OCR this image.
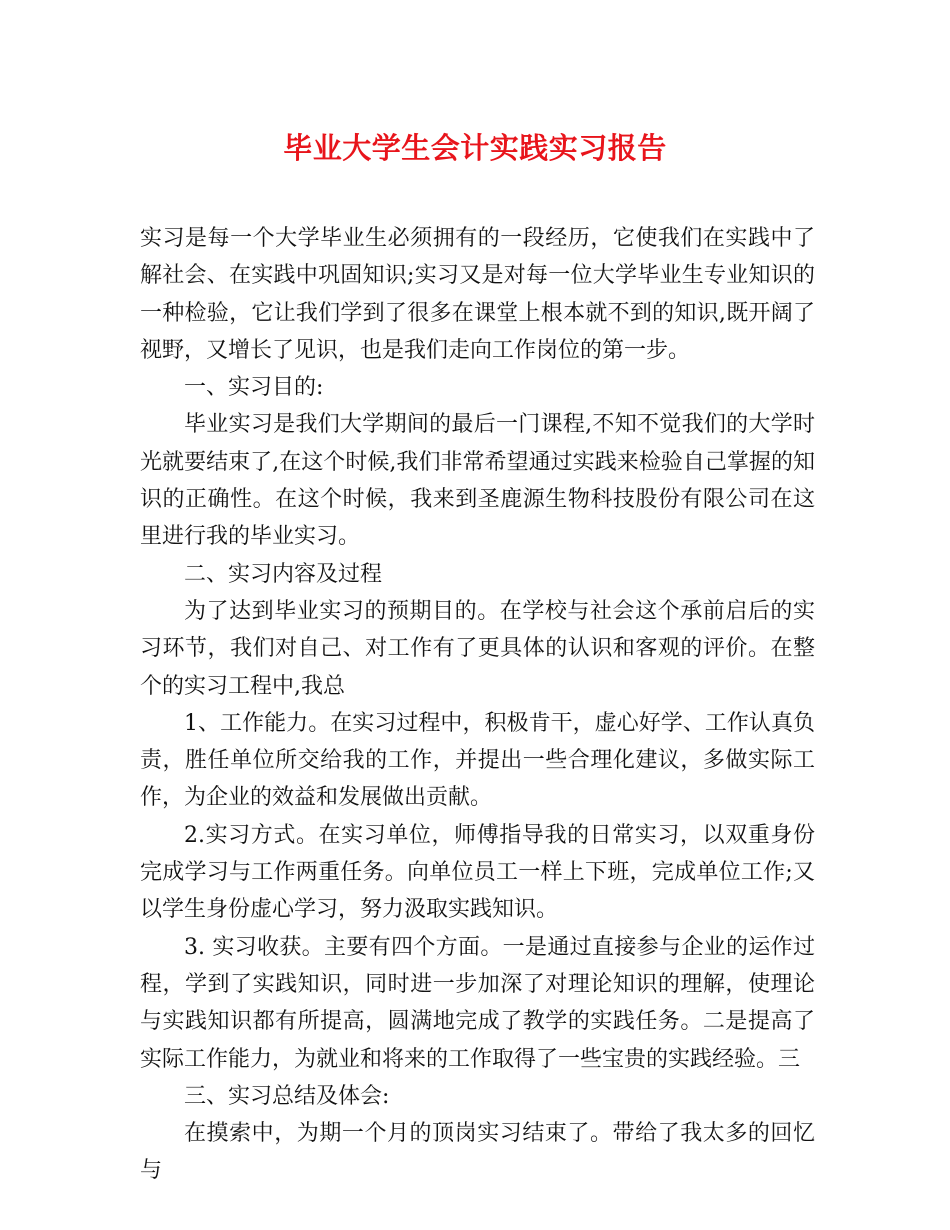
毕业大学生会计实践实习报告

实习是每一个大学毕业生必须拥有的一段经历，它使我们在实践中了解社会、在实践中巩固知识;实习又是对每一位大学毕业生专业知识的一种检验，它让我们学到了很多在课堂上根本就不到的知识,既开阔了视野，又增长了见识，也是我们走向工作岗位的第一步。

一、实习目的:

毕业实习是我们大学期间的最后一门课程,不知不觉我们的大学时光就要结束了,在这个时候,我们非常希望通过实践来检验自己掌握的知识的正确性。在这个时候，我来到圣鹿源生物科技股份有限公司在这里进行我的毕业实习。

二、实习内容及过程

为了达到毕业实习的预期目的。在学校与社会这个承前启后的实习环节，我们对自己、对工作有了更具体的认识和客观的评价。在整个的实习工程中,我总

1、工作能力。在实习过程中，积极肯干，虚心好学、工作认真负责，胜任单位所交给我的工作，并提出一些合理化建议，多做实际工作，为企业的效益和发展做出贡献。

2.实习方式。在实习单位，师傅指导我的日常实习，以双重身份完成学习与工作两重任务。向单位员工一样上下班，完成单位工作;又以学生身份虚心学习，努力汲取实践知识。

3. 实习收获。主要有四个方面。一是通过直接参与企业的运作过程，学到了实践知识，同时进一步加深了对理论知识的理解，使理论与实践知识都有所提高，圆满地完成了教学的实践任务。二是提高了实际工作能力，为就业和将来的工作取得了一些宝贵的实践经验。三

三、实习总结及体会:

在摸索中，为期一个月的顶岗实习结束了。带给了我太多的回忆与
